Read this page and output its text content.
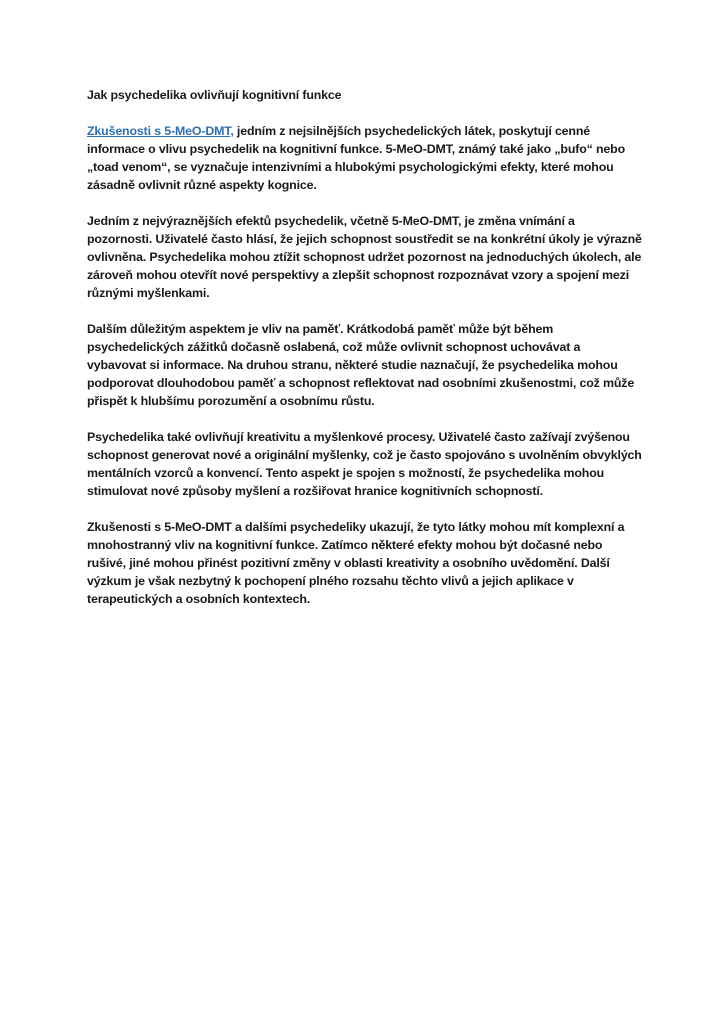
Jak psychedelika ovlivňují kognitivní funkce
Zkušenosti s 5-MeO-DMT, jedním z nejsilnějších psychedelických látek, poskytují cenné informace o vlivu psychedelik na kognitivní funkce. 5-MeO-DMT, známý také jako „bufo“ nebo „toad venom“, se vyznačuje intenzivními a hlubokými psychologickými efekty, které mohou zásadně ovlivnit různé aspekty kognice.
Jedním z nejvýraznějších efektů psychedelik, včetně 5-MeO-DMT, je změna vnímání a pozornosti. Uživatelé často hlásí, že jejich schopnost soustředit se na konkrétní úkoly je výrazně ovlivněna. Psychedelika mohou ztížit schopnost udržet pozornost na jednoduchých úkolech, ale zároveň mohou otevřít nové perspektivy a zlepšit schopnost rozpoznávat vzory a spojení mezi různými myšlenkami.
Dalším důležitým aspektem je vliv na paměť. Krátkodobá paměť může být během psychedelických zážitků dočasně oslabená, což může ovlivnit schopnost uchovávat a vybavovat si informace. Na druhou stranu, některé studie naznačují, že psychedelika mohou podporovat dlouhodobou paměť a schopnost reflektovat nad osobními zkušenostmi, což může přispět k hlubšímu porozumění a osobnímu růstu.
Psychedelika také ovlivňují kreativitu a myšlenkové procesy. Uživatelé často zažívají zvýšenou schopnost generovat nové a originální myšlenky, což je často spojováno s uvolněním obvyklých mentálních vzorců a konvencí. Tento aspekt je spojen s možností, že psychedelika mohou stimulovat nové způsoby myšlení a rozšiřovat hranice kognitivních schopností.
Zkušenosti s 5-MeO-DMT a dalšími psychedeliky ukazují, že tyto látky mohou mít komplexní a mnohostranný vliv na kognitivní funkce. Zatímco některé efekty mohou být dočasné nebo rušivé, jiné mohou přinést pozitivní změny v oblasti kreativity a osobního uvědomění. Další výzkum je však nezbytný k pochopení plného rozsahu těchto vlivů a jejich aplikace v terapeutických a osobních kontextech.
